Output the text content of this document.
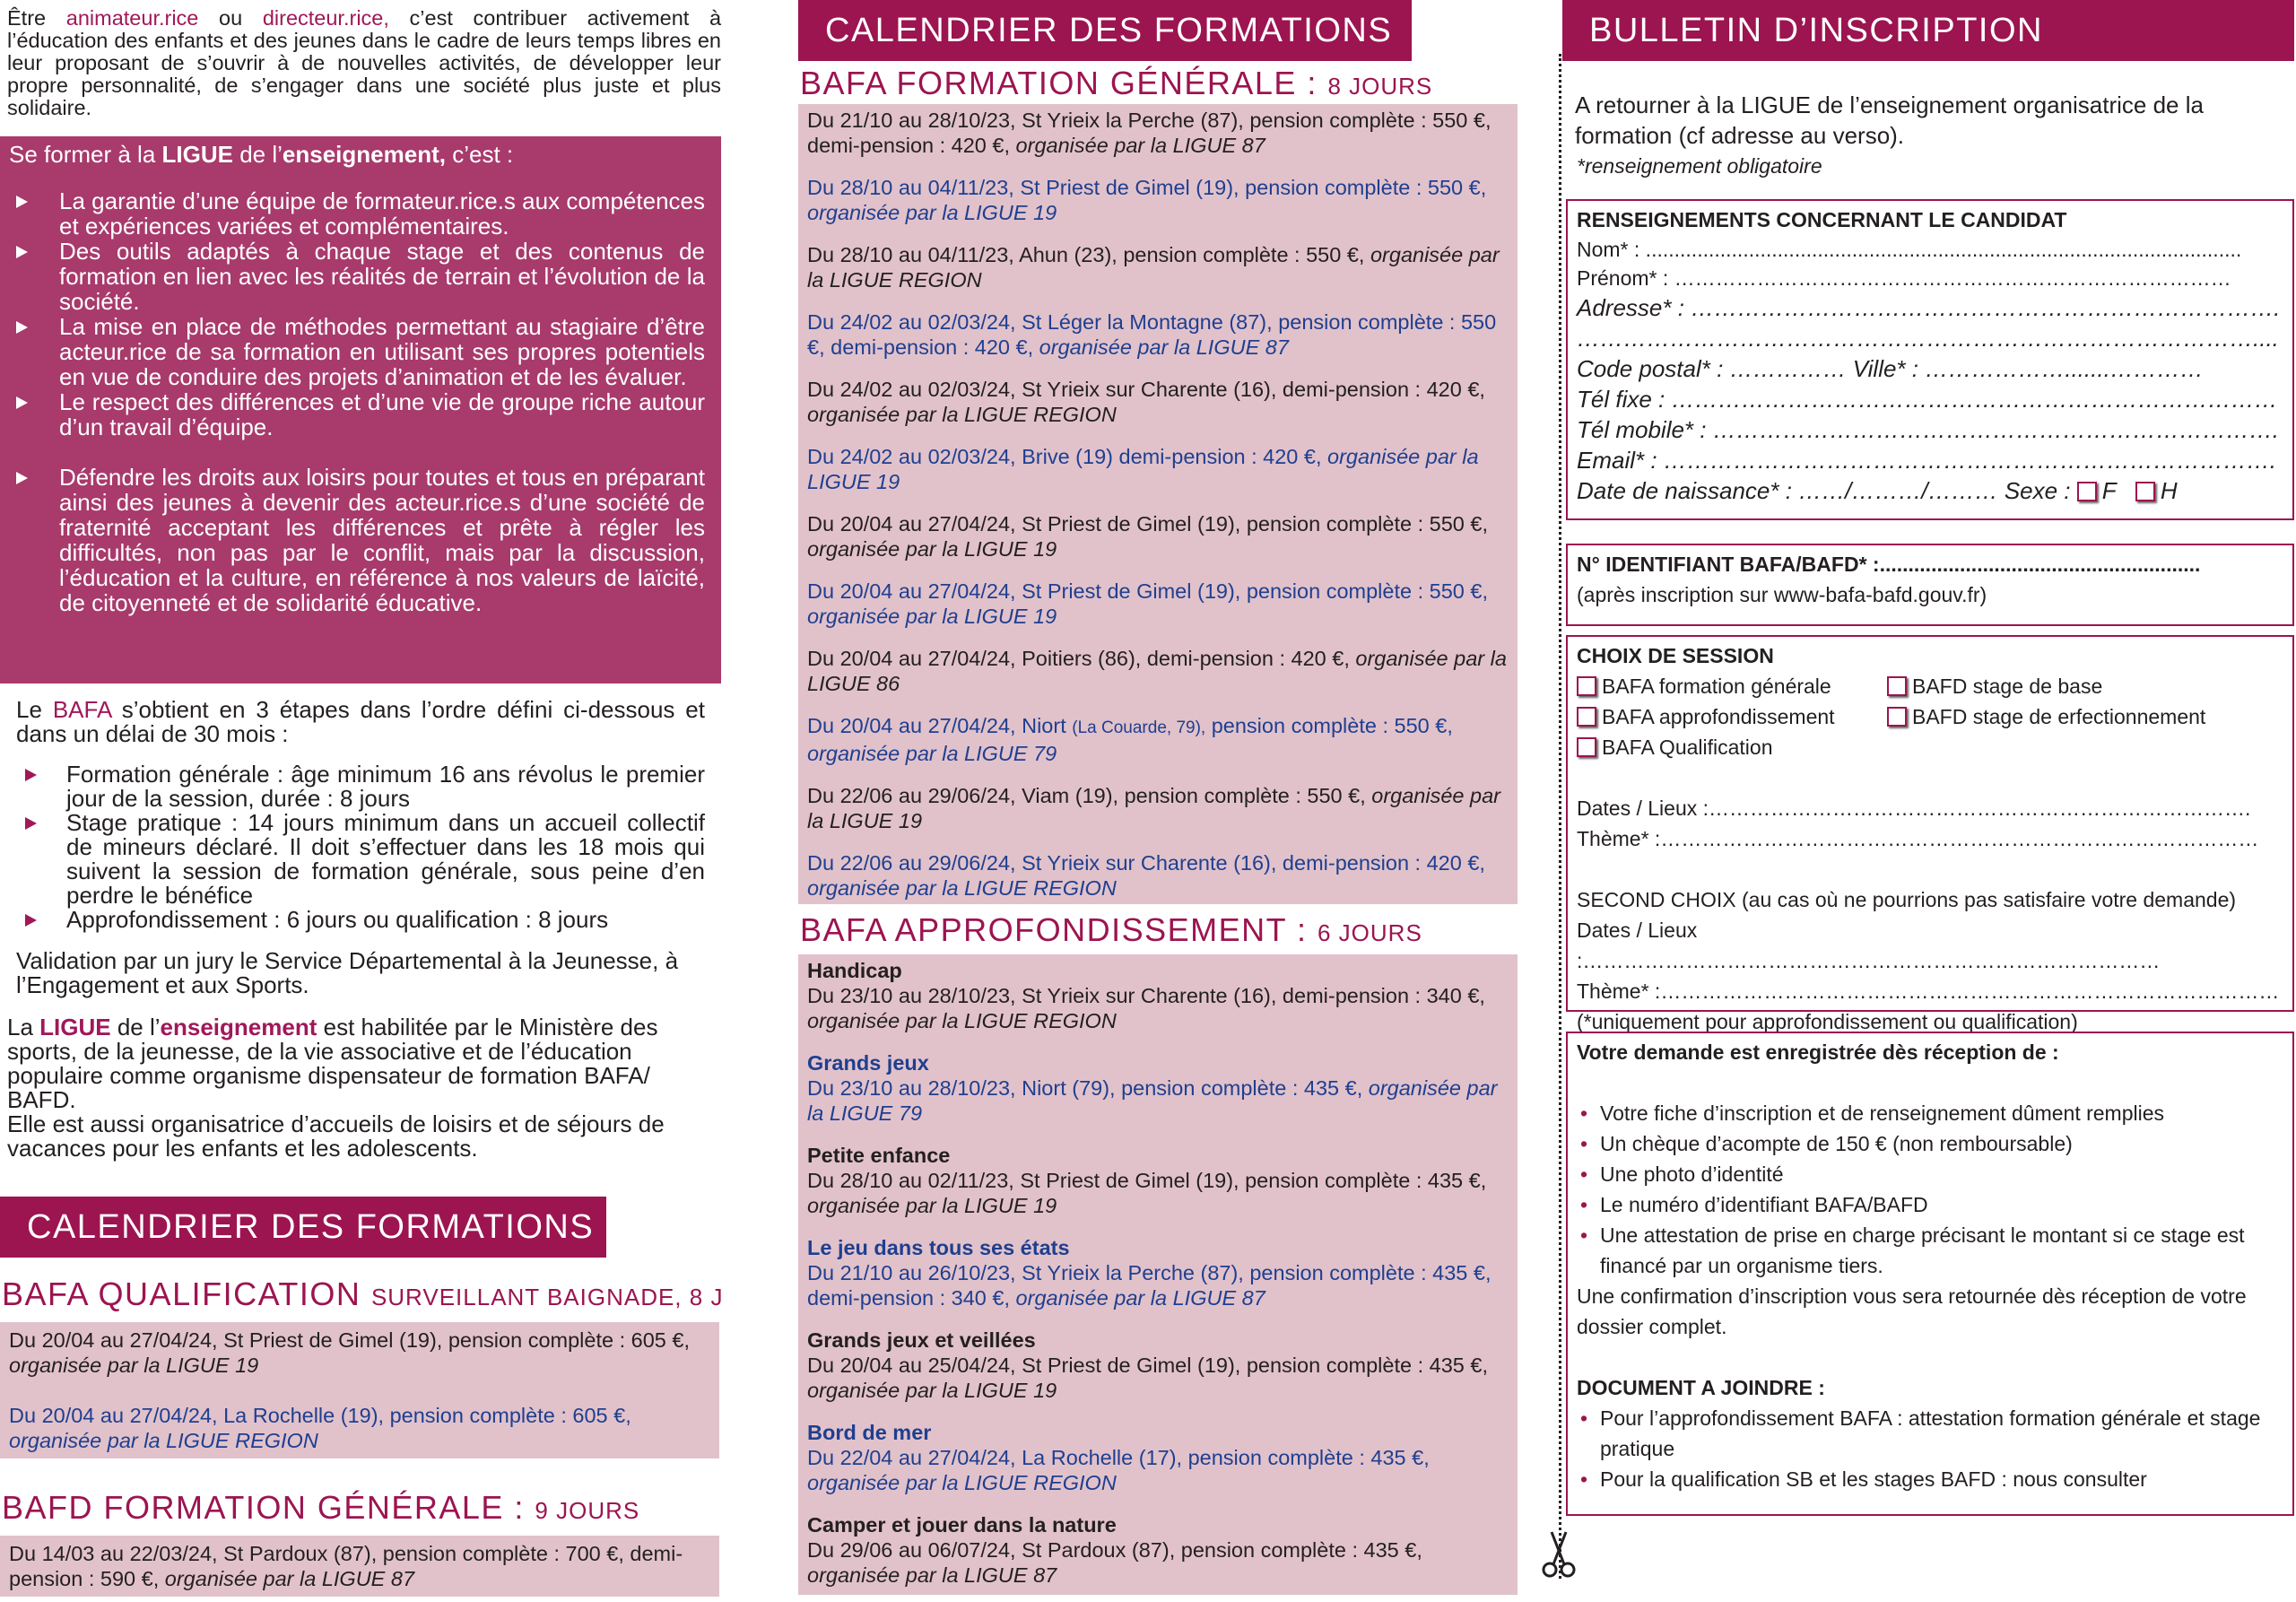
Être animateur.rice ou directeur.rice, c’est contribuer activement à l’éducation des enfants et des jeunes dans le cadre de leurs temps libres en leur proposant de s’ouvrir à de nouvelles activités, de développer leur propre personnalité, de s’engager dans une société plus juste et plus solidaire.
Se former à la LIGUE de l’enseignement, c’est :
La garantie d’une équipe de formateur.rice.s aux compétences et expériences variées et complémentaires.
Des outils adaptés à chaque stage et des contenus de formation en lien avec les réalités de terrain et l’évolution de la société.
La mise en place de méthodes permettant au stagiaire d’être acteur.rice de sa formation en utilisant ses propres potentiels en vue de conduire des projets d’animation et de les évaluer.
Le respect des différences et d’une vie de groupe riche autour d’un travail d’équipe.
Défendre les droits aux loisirs pour toutes et tous en préparant ainsi des jeunes à devenir des acteur.rice.s d’une société de fraternité acceptant les différences et prête à régler les difficultés, non pas par le conflit, mais par la discussion, l’éducation et la culture, en référence à nos valeurs de laïcité, de citoyenneté et de solidarité éducative.
Le BAFA s’obtient en 3 étapes dans l’ordre défini ci-dessous et dans un délai de 30 mois :
Formation générale : âge minimum 16 ans révolus le premier jour de la session, durée : 8 jours
Stage pratique : 14 jours minimum dans un accueil collectif de mineurs déclaré. Il doit s’effectuer dans les 18 mois qui suivent la session de formation générale, sous peine d’en perdre le bénéfice
Approfondissement : 6 jours ou qualification : 8 jours
Validation par un jury le Service Départemental à la Jeunesse, à l’Engagement et aux Sports.
La LIGUE de l’enseignement est habilitée par le Ministère des sports, de la jeunesse, de la vie associative et de l’éducation populaire comme organisme dispensateur de formation BAFA/ BAFD.
Elle est aussi organisatrice d’accueils de loisirs et de séjours de vacances pour les enfants et les adolescents.
CALENDRIER DES FORMATIONS
BAFA QUALIFICATION SURVEILLANT BAIGNADE, 8 J
Du 20/04 au 27/04/24, St Priest de Gimel (19), pension complète : 605 €, organisée par la LIGUE 19
Du 20/04 au 27/04/24, La Rochelle (19), pension complète : 605 €, organisée par la LIGUE REGION
BAFD FORMATION GÉNÉRALE : 9 JOURS
Du 14/03 au 22/03/24, St Pardoux (87), pension complète : 700 €, demi-pension : 590 €, organisée par la LIGUE 87
CALENDRIER DES FORMATIONS
BAFA FORMATION GÉNÉRALE : 8 JOURS
Du 21/10 au 28/10/23, St Yrieix la Perche (87), pension complète : 550 €, demi-pension : 420 €, organisée par la LIGUE 87
Du 28/10 au 04/11/23, St Priest de Gimel (19), pension complète : 550 €, organisée par la LIGUE 19
Du 28/10 au 04/11/23, Ahun (23), pension complète : 550 €, organisée par la LIGUE REGION
Du 24/02 au 02/03/24, St Léger la Montagne (87), pension complète : 550 €, demi-pension : 420 €, organisée par la LIGUE 87
Du 24/02 au 02/03/24, St Yrieix sur Charente (16), demi-pension : 420 €, organisée par la LIGUE REGION
Du 24/02 au 02/03/24, Brive (19) demi-pension : 420 €, organisée par la LIGUE 19
Du 20/04 au 27/04/24, St Priest de Gimel (19), pension complète : 550 €, organisée par la LIGUE 19
Du 20/04 au 27/04/24, St Priest de Gimel (19), pension complète : 550 €, organisée par la LIGUE 19
Du 20/04 au 27/04/24, Poitiers (86), demi-pension : 420 €, organisée par la LIGUE 86
Du 20/04 au 27/04/24, Niort (La Couarde, 79), pension complète : 550 €, organisée par la LIGUE 79
Du 22/06 au 29/06/24, Viam (19), pension complète : 550 €, organisée par la LIGUE 19
Du 22/06 au 29/06/24, St Yrieix sur Charente (16), demi-pension : 420 €, organisée par la LIGUE REGION
BAFA APPROFONDISSEMENT : 6 JOURS
Handicap
Du 23/10 au 28/10/23, St Yrieix sur Charente (16), demi-pension : 340 €, organisée par la LIGUE REGION
Grands jeux
Du 23/10 au 28/10/23, Niort (79), pension complète : 435 €, organisée par la LIGUE 79
Petite enfance
Du 28/10 au 02/11/23, St Priest de Gimel (19), pension complète : 435 €, organisée par la LIGUE 19
Le jeu dans tous ses états
Du 21/10 au 26/10/23, St Yrieix la Perche (87), pension complète : 435 €, demi-pension : 340 €, organisée par la LIGUE 87
Grands jeux et veillées
Du 20/04 au 25/04/24, St Priest de Gimel (19), pension complète : 435 €, organisée par la LIGUE 19
Bord de mer
Du 22/04 au 27/04/24, La Rochelle (17), pension complète : 435 €, organisée par la LIGUE REGION
Camper et jouer dans la nature
Du 29/06 au 06/07/24, St Pardoux (87), pension complète : 435 €, organisée par la LIGUE 87
BULLETIN D’INSCRIPTION
A retourner à la LIGUE de l’enseignement organisatrice de la formation (cf adresse au verso).
*renseignement obligatoire
RENSEIGNEMENTS CONCERNANT LE CANDIDAT
Nom* : ........................................................................................................
Prénom* : ………………………………………………………………………
Adresse* : ………………………………………………………………….
……………………………………………………………………………....
Code postal* : …………… Ville* : ……………….......…………
Tél fixe : ……………………………………………………………………
Tél mobile* : ……………………………………………………………….
Email* : …………………………………………………………………….
Date de naissance* : ……/………/……… Sexe : F H
N° IDENTIFIANT BAFA/BAFD* :........................................................
(après inscription sur www-bafa-bafd.gouv.fr)
CHOIX DE SESSION
BAFA formation générale
BAFA approfondissement
BAFA Qualification
BAFD stage de base
BAFD stage de erfectionnement
Dates / Lieux :…………………………………………………………………….
Thème* :……………………………………………………………………………
SECOND CHOIX (au cas où ne pourrions pas satisfaire votre demande)
Dates / Lieux :…………………………………………………………………………
Thème* :………………………………………………………………………………
(*uniquement pour approfondissement ou qualification)
Votre demande est enregistrée dès réception de :
• Votre fiche d’inscription et de renseignement dûment remplies
• Un chèque d’acompte de 150 € (non remboursable)
• Une photo d’identité
• Le numéro d’identifiant BAFA/BAFD
• Une attestation de prise en charge précisant le montant si ce stage est financé par un organisme tiers.
Une confirmation d’inscription vous sera retournée dès réception de votre dossier complet.
DOCUMENT A JOINDRE :
• Pour l’approfondissement BAFA : attestation formation générale et stage pratique
• Pour la qualification SB et les stages BAFD : nous consulter
